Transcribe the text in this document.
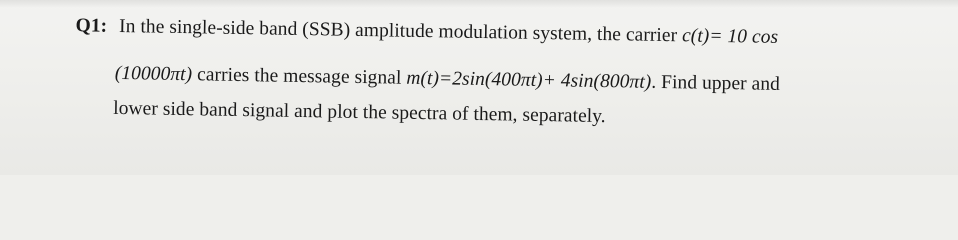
Q1: In the single-side band (SSB) amplitude modulation system, the carrier c(t)= 10 cos
(10000πt) carries the message signal m(t)=2sin(400πt)+ 4sin(800πt). Find upper and
lower side band signal and plot the spectra of them, separately.
